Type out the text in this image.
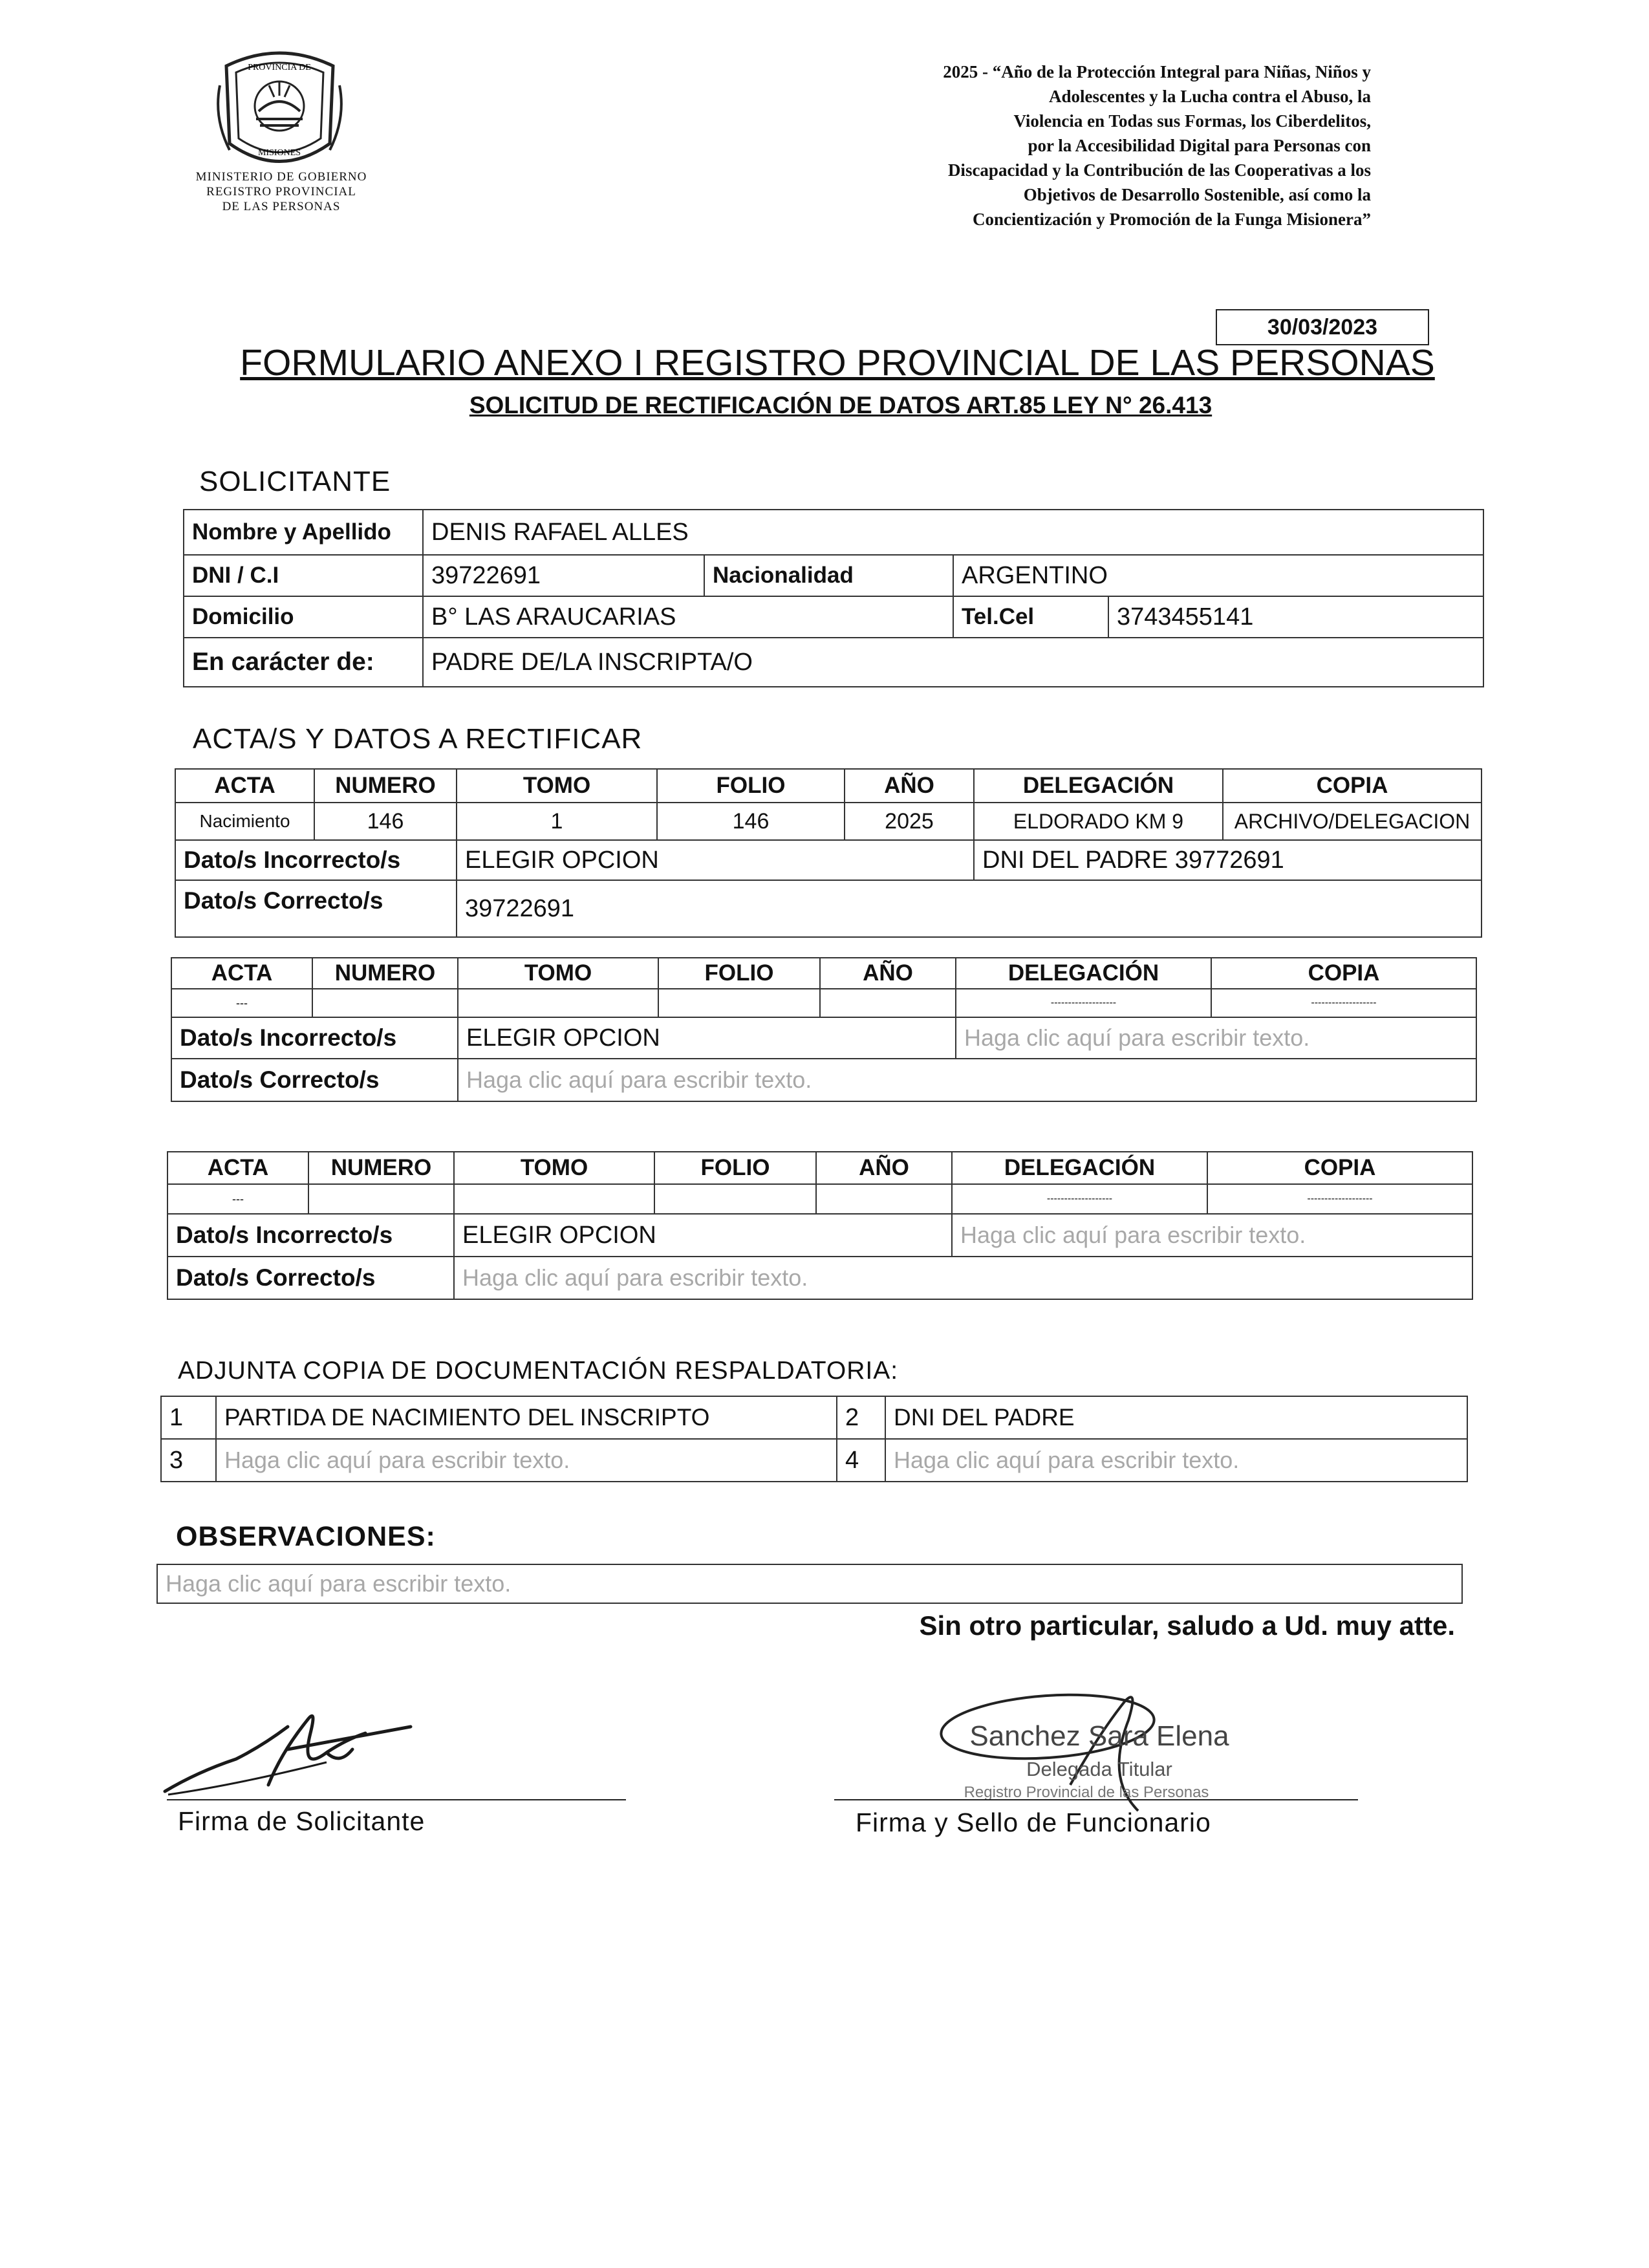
PROVINCIA DE
MISIONES
MINISTERIO DE GOBIERNO
REGISTRO PROVINCIAL
DE LAS PERSONAS
2025 - “Año de la Protección Integral para Niñas, Niños y
Adolescentes y la Lucha contra el Abuso, la
Violencia en Todas sus Formas, los Ciberdelitos,
por la Accesibilidad Digital para Personas con
Discapacidad y la Contribución de las Cooperativas a los
Objetivos de Desarrollo Sostenible, así como la
Concientización y Promoción de la Funga Misionera”
30/03/2023
FORMULARIO ANEXO I REGISTRO PROVINCIAL DE LAS PERSONAS
SOLICITUD DE RECTIFICACIÓN DE DATOS ART.85 LEY N° 26.413
SOLICITANTE
Nombre y Apellido	DENIS RAFAEL ALLES			
DNI / C.I	39722691	Nacionalidad	ARGENTINO	
Domicilio	B° LAS ARAUCARIAS		Tel.Cel	3743455141
En carácter de:	PADRE DE/LA INSCRIPTA/O			
ACTA/S Y DATOS A RECTIFICAR
ACTA	NUMERO	TOMO	FOLIO	AÑO	DELEGACIÓN	COPIA
Nacimiento	146	1	146	2025	ELDORADO KM 9	ARCHIVO/DELEGACION
Dato/s Incorrecto/s		ELEGIR OPCION			DNI DEL PADRE 39772691	
Dato/s Correcto/s		39722691				
ACTA	NUMERO	TOMO	FOLIO	AÑO	DELEGACIÓN	COPIA
---					-------------------	-------------------
Dato/s Incorrecto/s		ELEGIR OPCION			Haga clic aquí para escribir texto.	
Dato/s Correcto/s		Haga clic aquí para escribir texto.				
ACTA	NUMERO	TOMO	FOLIO	AÑO	DELEGACIÓN	COPIA
---					-------------------	-------------------
Dato/s Incorrecto/s		ELEGIR OPCION			Haga clic aquí para escribir texto.	
Dato/s Correcto/s		Haga clic aquí para escribir texto.				
ADJUNTA COPIA DE DOCUMENTACIÓN RESPALDATORIA:
1	PARTIDA DE NACIMIENTO DEL INSCRIPTO	2	DNI DEL PADRE
3	Haga clic aquí para escribir texto.	4	Haga clic aquí para escribir texto.
OBSERVACIONES:
Haga clic aquí para escribir texto.
Sin otro particular, saludo a Ud. muy atte.
Firma de Solicitante
Sanchez Sara Elena
Delegada Titular
Registro Provincial de las Personas
Firma y Sello de Funcionario
